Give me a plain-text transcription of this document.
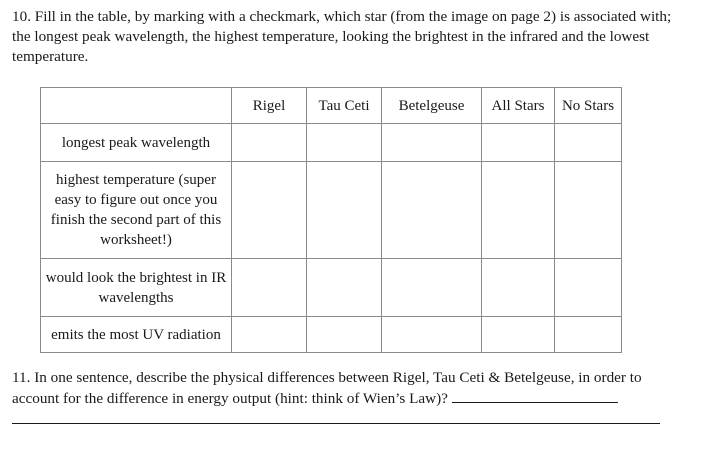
10. Fill in the table, by marking with a checkmark, which star (from the image on page 2) is associated with; the longest peak wavelength, the highest temperature, looking the brightest in the infrared and the lowest temperature.

	Rigel	Tau Ceti	Betelgeuse	All Stars	No Stars
longest peak wavelength					
highest temperature (super easy to figure out once you finish the second part of this worksheet!)					
would look the brightest in IR wavelengths					
emits the most UV radiation					

11. In one sentence, describe the physical differences between Rigel, Tau Ceti & Betelgeuse, in order to account for the difference in energy output (hint: think of Wien’s Law)?
